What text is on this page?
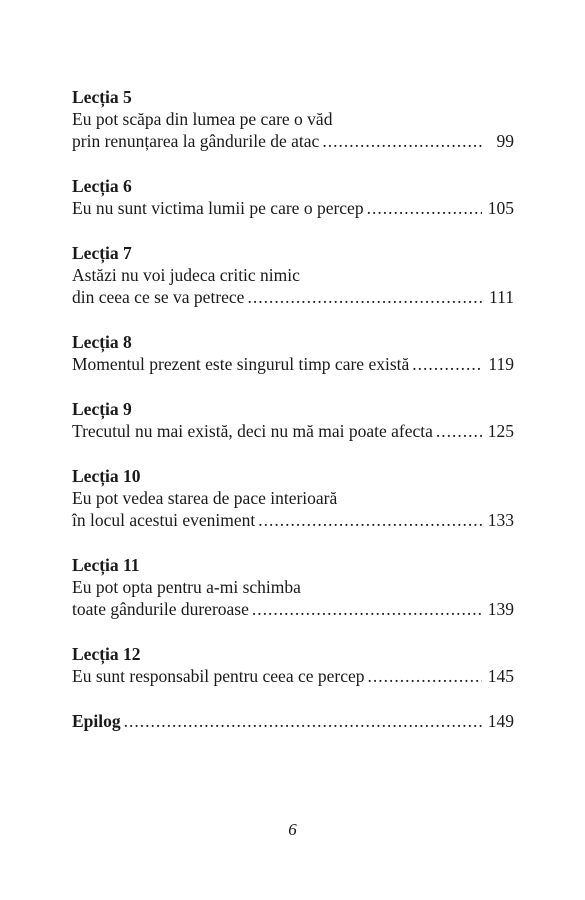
Lecția 5
Eu pot scăpa din lumea pe care o văd
prin renunțarea la gândurile de atac .....	99
Lecția 6
Eu nu sunt victima lumii pe care o percep .....	105
Lecția 7
Astăzi nu voi judeca critic nimic
din ceea ce se va petrece .....	111
Lecția 8
Momentul prezent este singurul timp care există .....	119
Lecția 9
Trecutul nu mai există, deci nu mă mai poate afecta .....	125
Lecția 10
Eu pot vedea starea de pace interioară
în locul acestui eveniment .....	133
Lecția 11
Eu pot opta pentru a-mi schimba
toate gândurile dureroase .....	139
Lecția 12
Eu sunt responsabil pentru ceea ce percep .....	145
Epilog .....	149
6
